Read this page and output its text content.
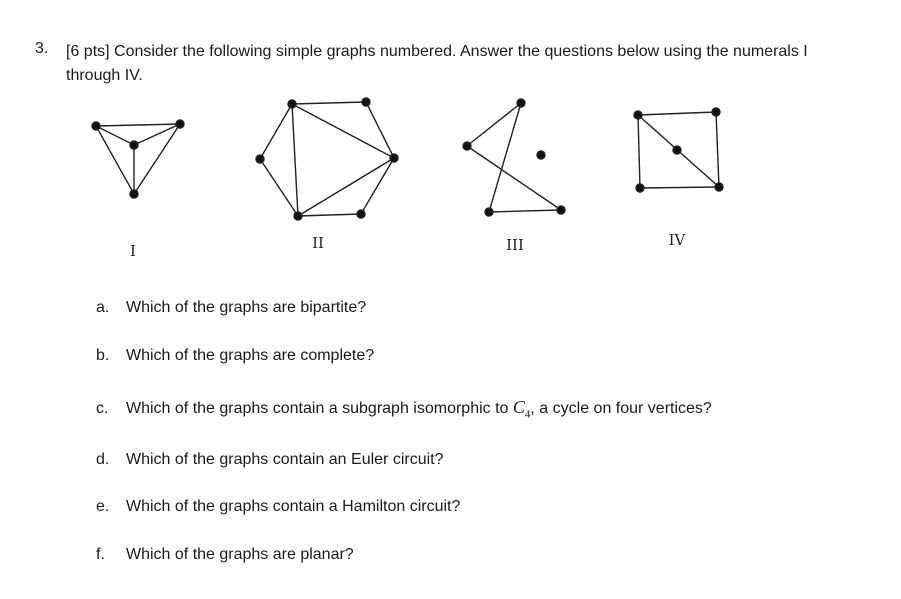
3. [6 pts] Consider the following simple graphs numbered. Answer the questions below using the numerals I through IV.
I	II	III	IV
a. Which of the graphs are bipartite?
b. Which of the graphs are complete?
c. Which of the graphs contain a subgraph isomorphic to $C_4$, a cycle on four vertices?
d. Which of the graphs contain an Euler circuit?
e. Which of the graphs contain a Hamilton circuit?
f. Which of the graphs are planar?
